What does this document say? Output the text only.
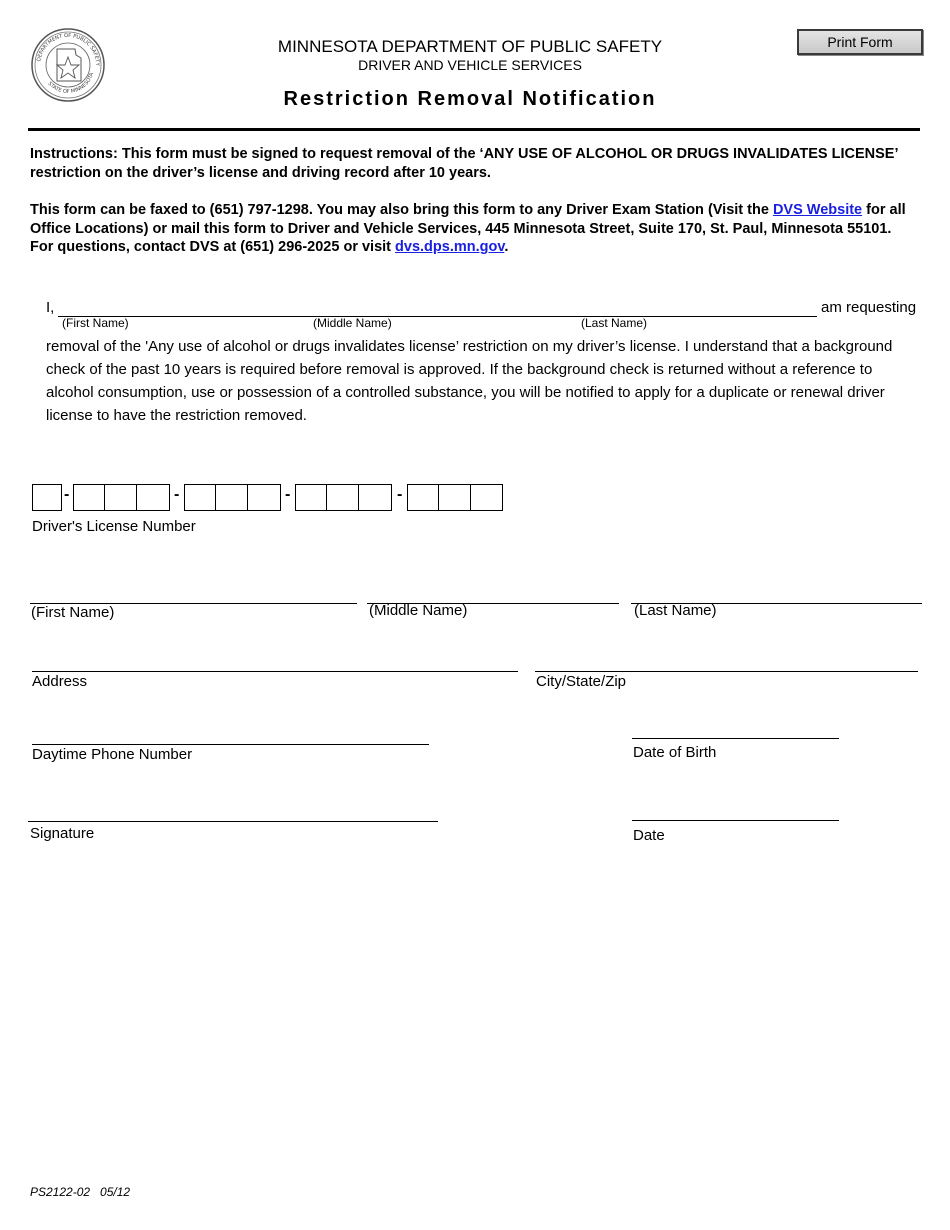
DEPARTMENT OF PUBLIC SAFETY
STATE OF MINNESOTA
MINNESOTA DEPARTMENT OF PUBLIC SAFETY
DRIVER AND VEHICLE SERVICES
Restriction Removal Notification
Print Form
Instructions: This form must be signed to request removal of the ‘ANY USE OF ALCOHOL OR DRUGS INVALIDATES LICENSE’ restriction on the driver’s license and driving record after 10 years.
This form can be faxed to (651) 797-1298. You may also bring this form to any Driver Exam Station (Visit the DVS Website for all Office Locations) or mail this form to Driver and Vehicle Services, 445 Minnesota Street, Suite 170, St. Paul, Minnesota 55101. For questions, contact DVS at (651) 296-2025 or visit dvs.dps.mn.gov.
I,	am requesting
(First Name)	(Middle Name)	(Last Name)
removal of the 'Any use of alcohol or drugs invalidates license’ restriction on my driver’s license. I understand that a background check of the past 10 years is required before removal is approved. If the background check is returned without a reference to alcohol consumption, use or possession of a controlled substance, you will be notified to apply for a duplicate or renewal driver license to have the restriction removed.
-	-	-	-
Driver's License Number
(First Name)	(Middle Name)	(Last Name)
Address	City/State/Zip
Daytime Phone Number	Date of Birth
Signature	Date
PS2122-02   05/12
